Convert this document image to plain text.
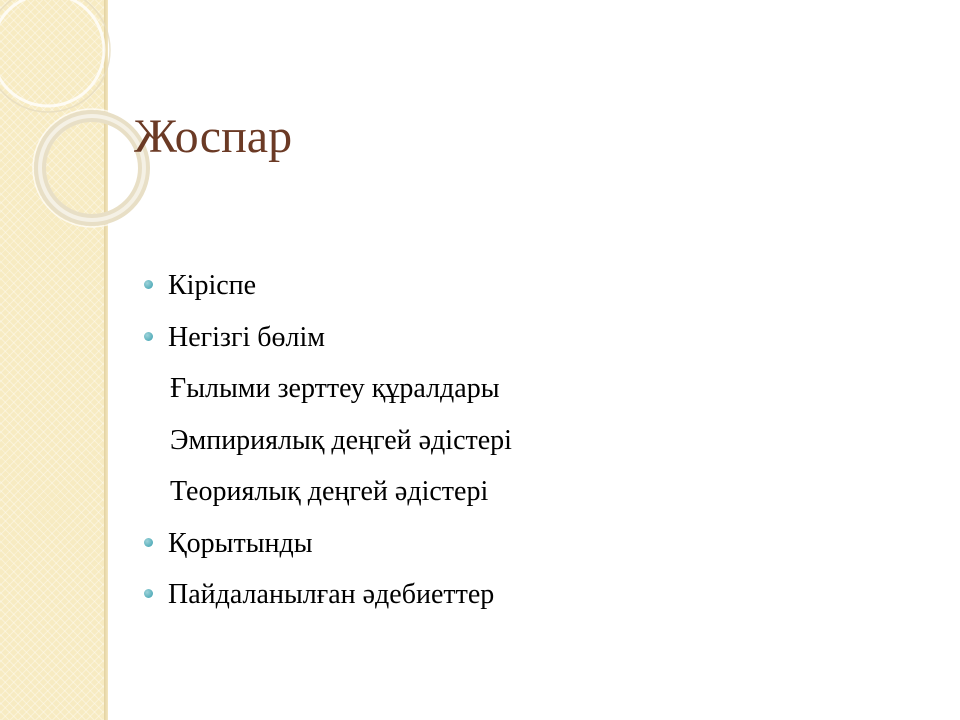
Жоспар
Кіріспе
Негізгі бөлім
Ғылыми зерттеу құралдары
Эмпириялық деңгей әдістері
Теориялық деңгей әдістері
Қорытынды
Пайдаланылған әдебиеттер
